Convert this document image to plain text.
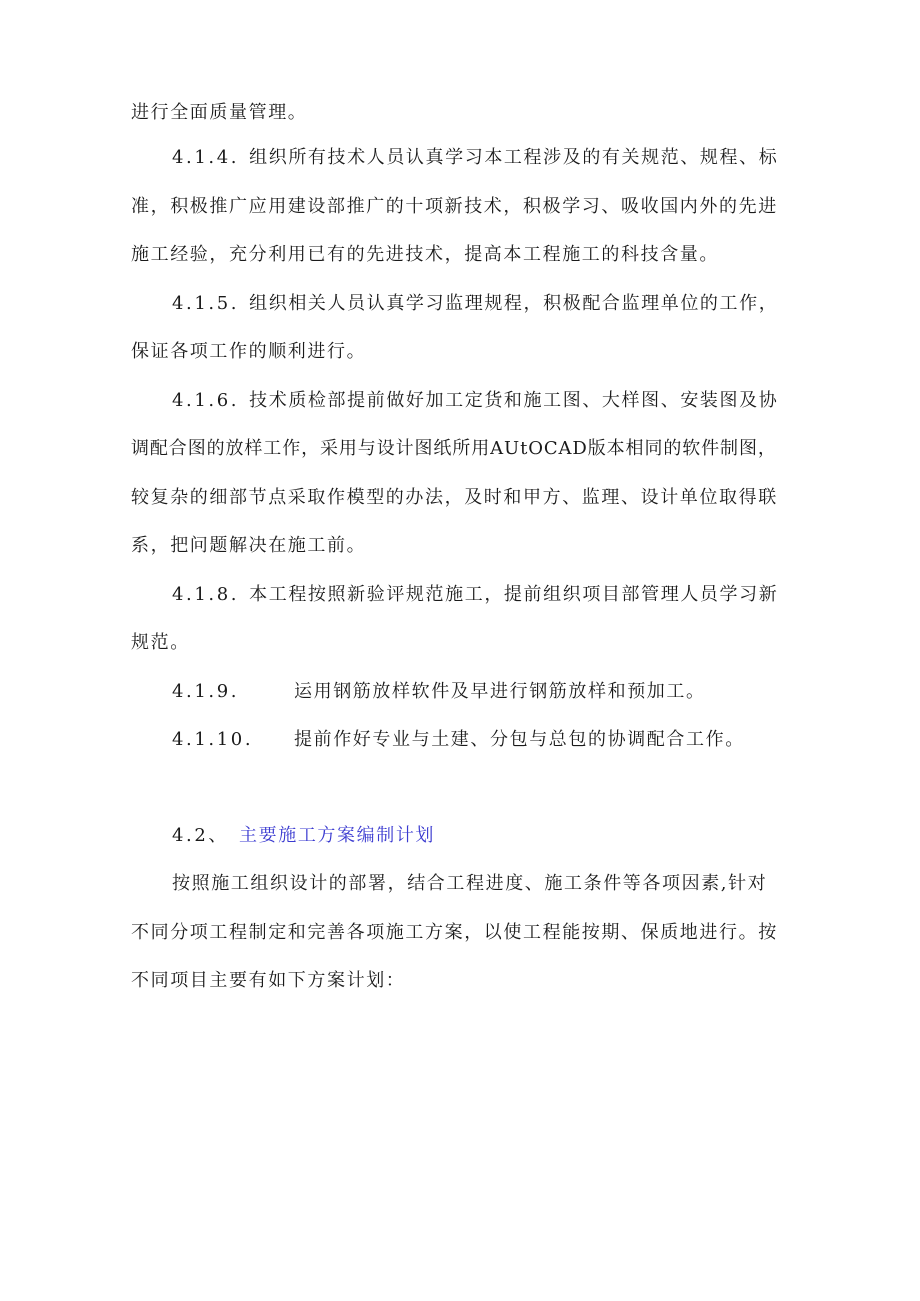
进行全面质量管理。
4.1.4. 组织所有技术人员认真学习本工程涉及的有关规范、规程、标
准，积极推广应用建设部推广的十项新技术，积极学习、吸收国内外的先进
施工经验，充分利用已有的先进技术，提高本工程施工的科技含量。
4.1.5. 组织相关人员认真学习监理规程，积极配合监理单位的工作，
保证各项工作的顺利进行。
4.1.6. 技术质检部提前做好加工定货和施工图、大样图、安装图及协
调配合图的放样工作，采用与设计图纸所用AUtOCAD版本相同的软件制图，
较复杂的细部节点采取作模型的办法，及时和甲方、监理、设计单位取得联
系，把问题解决在施工前。
4.1.8. 本工程按照新验评规范施工，提前组织项目部管理人员学习新
规范。
4.1.9.	运用钢筋放样软件及早进行钢筋放样和预加工。
4.1.10. 提前作好专业与土建、分包与总包的协调配合工作。
4.2、 主要施工方案编制计划
按照施工组织设计的部署，结合工程进度、施工条件等各项因素,针对
不同分项工程制定和完善各项施工方案，以使工程能按期、保质地进行。按
不同项目主要有如下方案计划：
